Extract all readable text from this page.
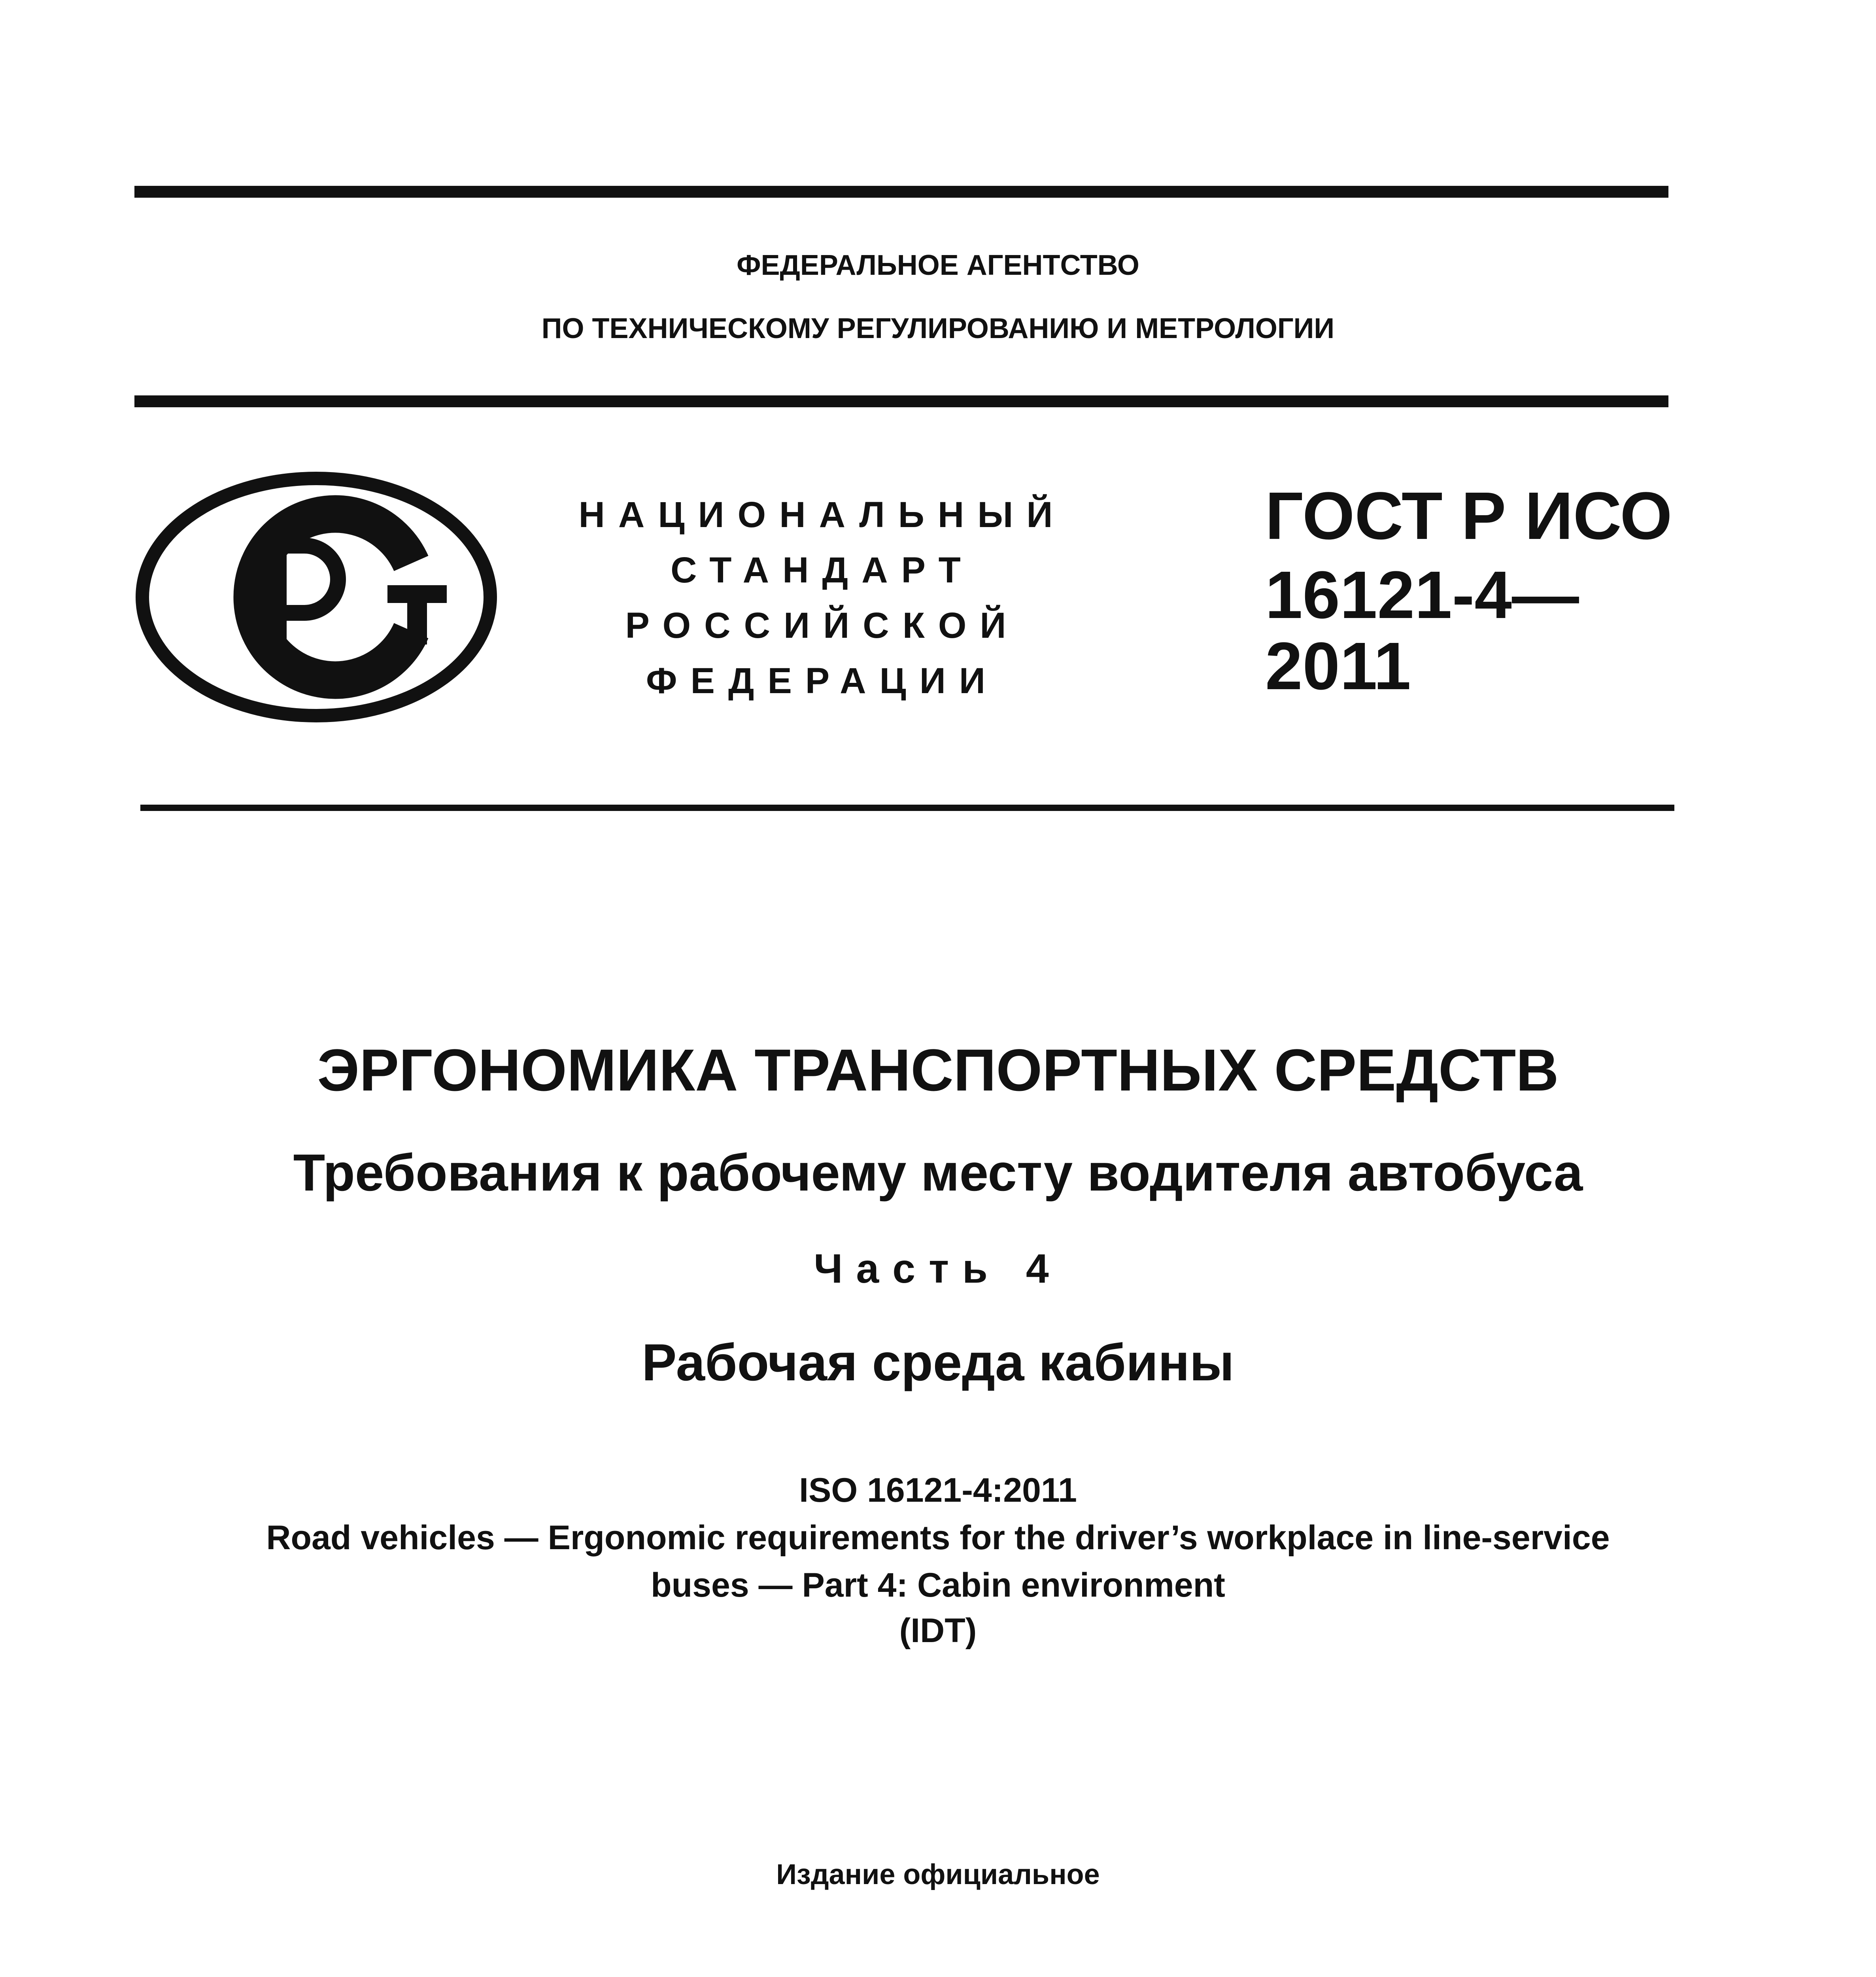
ФЕДЕРАЛЬНОЕ АГЕНТСТВО
ПО ТЕХНИЧЕСКОМУ РЕГУЛИРОВАНИЮ И МЕТРОЛОГИИ
НАЦИОНАЛЬНЫЙ
СТАНДАРТ
РОССИЙСКОЙ
ФЕДЕРАЦИИ
ГОСТ Р ИСО
16121-4—
2011
ЭРГОНОМИКА ТРАНСПОРТНЫХ СРЕДСТВ
Требования к рабочему месту водителя автобуса
Часть 4
Рабочая среда кабины
ISO 16121-4:2011
Road vehicles — Ergonomic requirements for the driver’s workplace in line-service
buses — Part 4: Cabin environment
(IDT)
Издание официальное
